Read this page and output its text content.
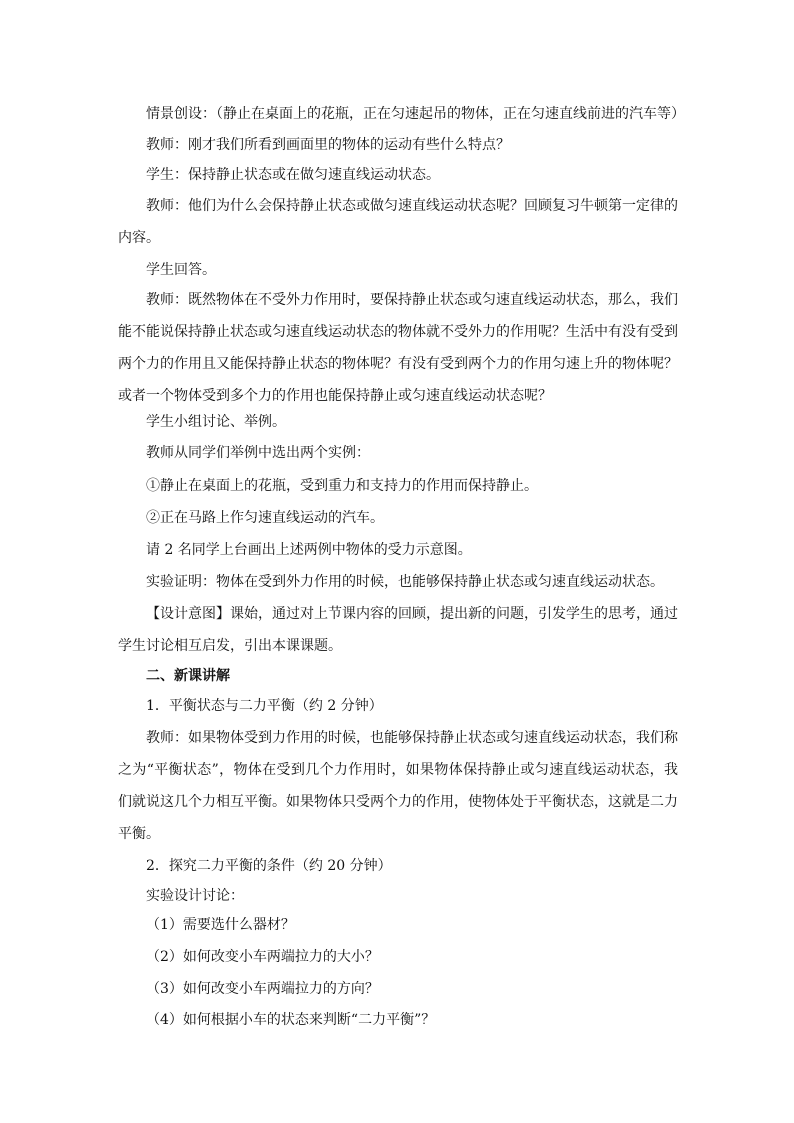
情景创设：（静止在桌面上的花瓶，正在匀速起吊的物体，正在匀速直线前进的汽车等）
教师：刚才我们所看到画面里的物体的运动有些什么特点？
学生：保持静止状态或在做匀速直线运动状态。
教师：他们为什么会保持静止状态或做匀速直线运动状态呢？回顾复习牛顿第一定律的内容。
学生回答。
教师：既然物体在不受外力作用时，要保持静止状态或匀速直线运动状态，那么，我们能不能说保持静止状态或匀速直线运动状态的物体就不受外力的作用呢？生活中有没有受到两个力的作用且又能保持静止状态的物体呢？有没有受到两个力的作用匀速上升的物体呢？或者一个物体受到多个力的作用也能保持静止或匀速直线运动状态呢？
学生小组讨论、举例。
教师从同学们举例中选出两个实例：
①静止在桌面上的花瓶，受到重力和支持力的作用而保持静止。
②正在马路上作匀速直线运动的汽车。
请 2 名同学上台画出上述两例中物体的受力示意图。
实验证明：物体在受到外力作用的时候，也能够保持静止状态或匀速直线运动状态。
【设计意图】课始，通过对上节课内容的回顾，提出新的问题，引发学生的思考，通过学生讨论相互启发，引出本课课题。
二、新课讲解
1．平衡状态与二力平衡（约 2 分钟）
教师：如果物体受到力作用的时候，也能够保持静止状态或匀速直线运动状态，我们称之为“平衡状态”，物体在受到几个力作用时，如果物体保持静止或匀速直线运动状态，我们就说这几个力相互平衡。如果物体只受两个力的作用，使物体处于平衡状态，这就是二力平衡。
2．探究二力平衡的条件（约 20 分钟）
实验设计讨论：
（1）需要选什么器材？
（2）如何改变小车两端拉力的大小？
（3）如何改变小车两端拉力的方向？
（4）如何根据小车的状态来判断“二力平衡”？
